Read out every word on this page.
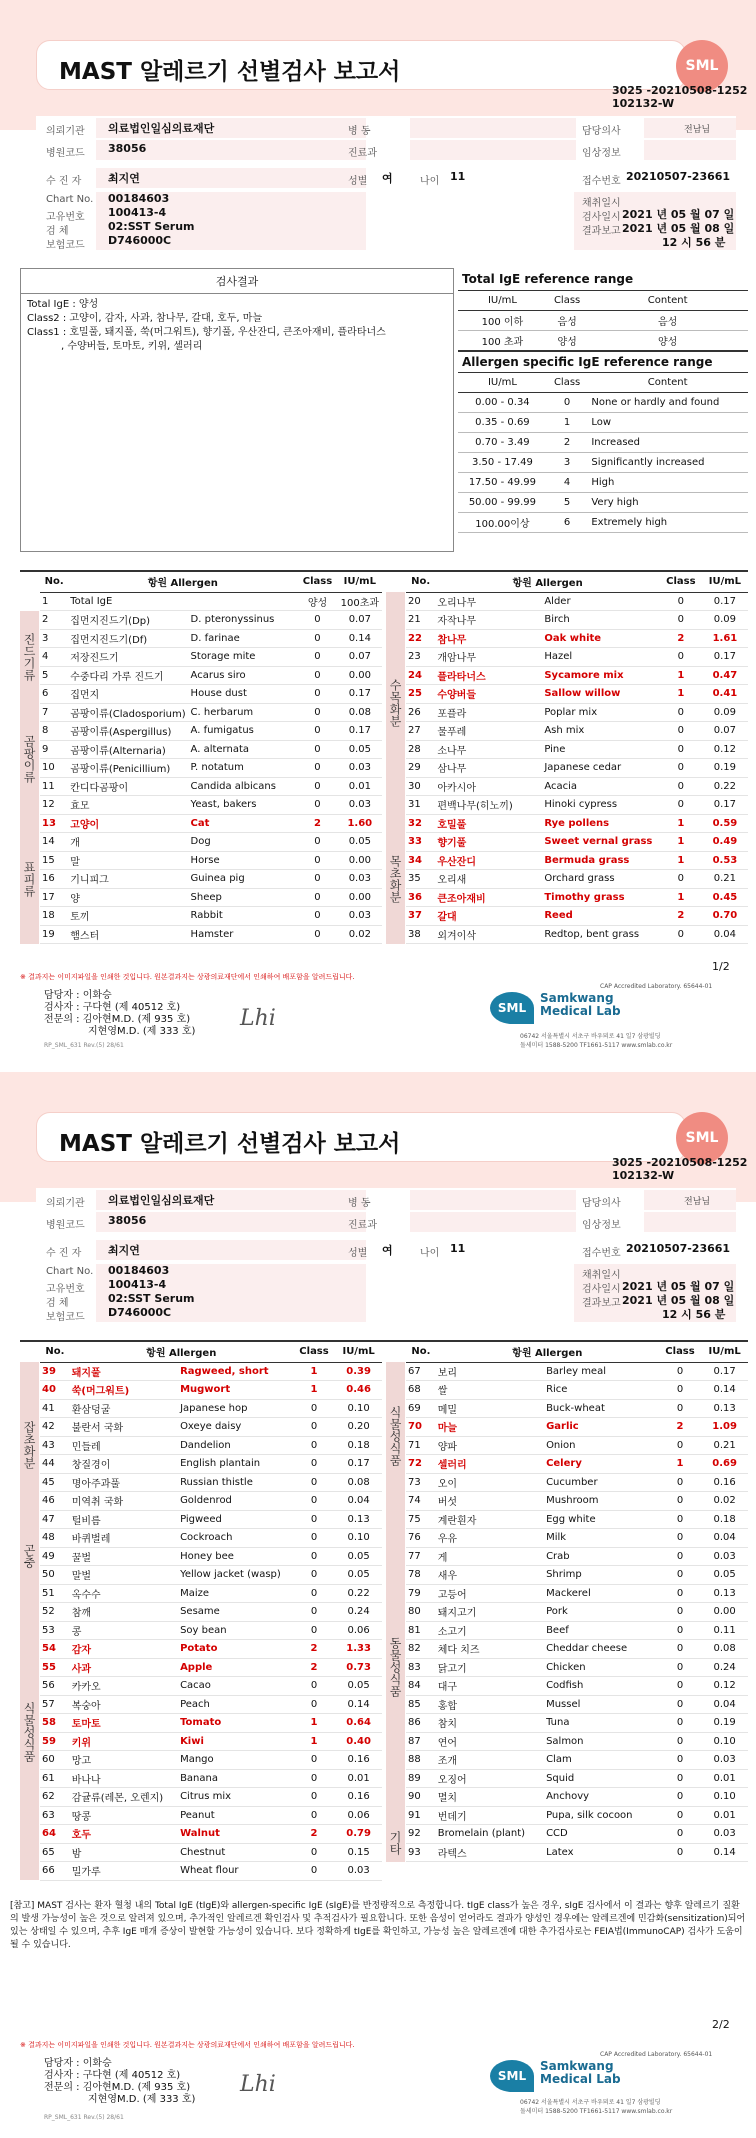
MAST 알레르기 선별검사 보고서	SML
3025 -20210508-1252
102132-W
의뢰기관 의료법인일심의료재단	병 동	담당의사	전남님
병원코드 38056	진료과	임상정보
수 진 자 최지연	성별 여	나이 11	접수번호 20210507-23661
Chart No. 00184603
고유번호 100413-4
검 체	02:SST Serum
보험코드 D746000C
채취일시
검사일시 2021 년 05 월 07 일
결과보고 2021 년 05 월 08 일
12 시 56 분
검사결과
Total IgE : 양성
Class2 : 고양이, 감자, 사과, 참나무, 갈대, 호두, 마늘
Class1 : 호밀풀, 돼지풀, 쑥(머그워트), 향기풀, 우산잔디, 큰조아재비, 플라타너스
, 수양버들, 토마토, 키위, 셀러리
Total IgE reference range		
IU/mL	Class	Content
100 이하	음성	음성
100 초과	양성	양성
Allergen specific IgE reference range		
IU/mL	Class	Content
0.00 - 0.34	0	None or hardly and found
0.35 - 0.69	1	Low
0.70 - 3.49	2	Increased
3.50 - 17.49	3	Significantly increased
17.50 - 49.99	4	High
50.00 - 99.99	5	Very high
100.00이상	6	Extremely high
No.	항원 Allergen		Class	IU/mL
1	Total IgE		양성	100초과
2	집먼지진드기(Dp)	D. pteronyssinus	0	0.07
3	집먼지진드기(Df)	D. farinae	0	0.14
4	저장진드기	Storage mite	0	0.07
5	수중다리 가루 진드기	Acarus siro	0	0.00
6	집먼지	House dust	0	0.17
7	곰팡이류(Cladosporium)	C. herbarum	0	0.08
8	곰팡이류(Aspergillus)	A. fumigatus	0	0.17
9	곰팡이류(Alternaria)	A. alternata	0	0.05
10	곰팡이류(Penicillium)	P. notatum	0	0.03
11	칸디다곰팡이	Candida albicans	0	0.01
12	효모	Yeast, bakers	0	0.03
13	고양이	Cat	2	1.60
14	개	Dog	0	0.05
15	말	Horse	0	0.00
16	기니피그	Guinea pig	0	0.03
17	양	Sheep	0	0.00
18	토끼	Rabbit	0	0.03
19	햄스터	Hamster	0	0.02
진드기류
곰팡이류
표피류
No.	항원 Allergen		Class	IU/mL
20	오리나무	Alder	0	0.17
21	자작나무	Birch	0	0.09
22	참나무	Oak white	2	1.61
23	개암나무	Hazel	0	0.17
24	플라타너스	Sycamore mix	1	0.47
25	수양버들	Sallow willow	1	0.41
26	포플라	Poplar mix	0	0.09
27	물푸레	Ash mix	0	0.07
28	소나무	Pine	0	0.12
29	삼나무	Japanese cedar	0	0.19
30	아카시아	Acacia	0	0.22
31	편백나무(히노끼)	Hinoki cypress	0	0.17
32	호밀풀	Rye pollens	1	0.59
33	향기풀	Sweet vernal grass	1	0.49
34	우산잔디	Bermuda grass	1	0.53
35	오리새	Orchard grass	0	0.21
36	큰조아재비	Timothy grass	1	0.45
37	갈대	Reed	2	0.70
38	외겨이삭	Redtop, bent grass	0	0.04
수목화분
목초화분
※ 결과지는 이미지파일을 인쇄한 것입니다. 원본결과지는 상광의료재단에서 인쇄하여 배포함을 알려드립니다.
1/2
CAP Accredited Laboratory. 65644-01
담당자 : 이화승
검사자 : 구다현 (제 40512 호)
전문의 : 김아현M.D. (제 935 호)
지현영M.D. (제 333 호)
Lhi	SML
Samkwang
Medical Lab
06742 서울특별시 서초구 바우뫼로 41 일7 삼광빌딩
돌세미터 1588-5200 TF1661-5117 www.smlab.co.kr
RP_SML_631 Rev.(5) 28/61
MAST 알레르기 선별검사 보고서	SML
3025 -20210508-1252
102132-W
의뢰기관 의료법인일심의료재단	병 동	담당의사	전남님
병원코드 38056	진료과	임상정보
수 진 자 최지연	성별 여	나이 11	접수번호 20210507-23661
Chart No. 00184603
고유번호 100413-4
검 체	02:SST Serum
보험코드 D746000C
채취일시
검사일시 2021 년 05 월 07 일
결과보고 2021 년 05 월 08 일
12 시 56 분
No.	항원 Allergen		Class	IU/mL
39	돼지풀	Ragweed, short	1	0.39
40	쑥(머그워트)	Mugwort	1	0.46
41	환삼덩굴	Japanese hop	0	0.10
42	불란서 국화	Oxeye daisy	0	0.20
43	민들레	Dandelion	0	0.18
44	창질경이	English plantain	0	0.17
45	명아주과풀	Russian thistle	0	0.08
46	미역취 국화	Goldenrod	0	0.04
47	털비름	Pigweed	0	0.13
48	바퀴벌레	Cockroach	0	0.10
49	꿀벌	Honey bee	0	0.05
50	말벌	Yellow jacket (wasp)	0	0.05
51	옥수수	Maize	0	0.22
52	참깨	Sesame	0	0.24
53	콩	Soy bean	0	0.06
54	감자	Potato	2	1.33
55	사과	Apple	2	0.73
56	카카오	Cacao	0	0.05
57	복숭아	Peach	0	0.14
58	토마토	Tomato	1	0.64
59	키위	Kiwi	1	0.40
60	망고	Mango	0	0.16
61	바나나	Banana	0	0.01
62	감귤류(레몬, 오렌지)	Citrus mix	0	0.16
63	땅콩	Peanut	0	0.06
64	호두	Walnut	2	0.79
65	밤	Chestnut	0	0.15
66	밀가루	Wheat flour	0	0.03
잡초화분
곤충
식물성식품
No.	항원 Allergen		Class	IU/mL
67	보리	Barley meal	0	0.17
68	쌀	Rice	0	0.14
69	메밀	Buck-wheat	0	0.13
70	마늘	Garlic	2	1.09
71	양파	Onion	0	0.21
72	셀러리	Celery	1	0.69
73	오이	Cucumber	0	0.16
74	버섯	Mushroom	0	0.02
75	계란흰자	Egg white	0	0.18
76	우유	Milk	0	0.04
77	게	Crab	0	0.03
78	새우	Shrimp	0	0.05
79	고등어	Mackerel	0	0.13
80	돼지고기	Pork	0	0.00
81	소고기	Beef	0	0.11
82	체다 치즈	Cheddar cheese	0	0.08
83	닭고기	Chicken	0	0.24
84	대구	Codfish	0	0.12
85	홍합	Mussel	0	0.04
86	참치	Tuna	0	0.19
87	연어	Salmon	0	0.10
88	조개	Clam	0	0.03
89	오징어	Squid	0	0.01
90	멸치	Anchovy	0	0.10
91	번데기	Pupa, silk cocoon	0	0.01
92	Bromelain (plant)	CCD	0	0.03
93	라텍스	Latex	0	0.14
식물성식품
동물성식품
기타
[참고] MAST 검사는 환자 혈청 내의 Total IgE (tIgE)와 allergen-specific IgE (sIgE)를 반정량적으로 측정합니다. tIgE class가 높은 경우, sIgE 검사에서 이 결과는 향후 알레르기 질환의 발생 가능성이 높은 것으로 알려져 있으며, 추가적인 알레르겐 확인검사 및 추적검사가 필요합니다. 또한 음성이 얻어라도 결과가 양성인 경우에는 알레르겐에 민감화(sensitization)되어 있는 상태일 수 있으며, 추후 IgE 매개 증상이 발현할 가능성이 있습니다. 보다 정확하게 tIgE를 확인하고, 가능성 높은 알레르겐에 대한 추가검사로는 FEIA법(ImmunoCAP) 검사가 도움이 될 수 있습니다.
2/2
※ 결과지는 이미지파일을 인쇄한 것입니다. 원본결과지는 상광의료재단에서 인쇄하여 배포함을 알려드립니다.
CAP Accredited Laboratory. 65644-01
담당자 : 이화승
검사자 : 구다현 (제 40512 호)
전문의 : 김아현M.D. (제 935 호)
지현영M.D. (제 333 호)
Lhi	SML
Samkwang
Medical Lab
06742 서울특별시 서초구 바우뫼로 41 일7 삼광빌딩
돌세미터 1588-5200 TF1661-5117 www.smlab.co.kr
RP_SML_631 Rev.(5) 28/61
